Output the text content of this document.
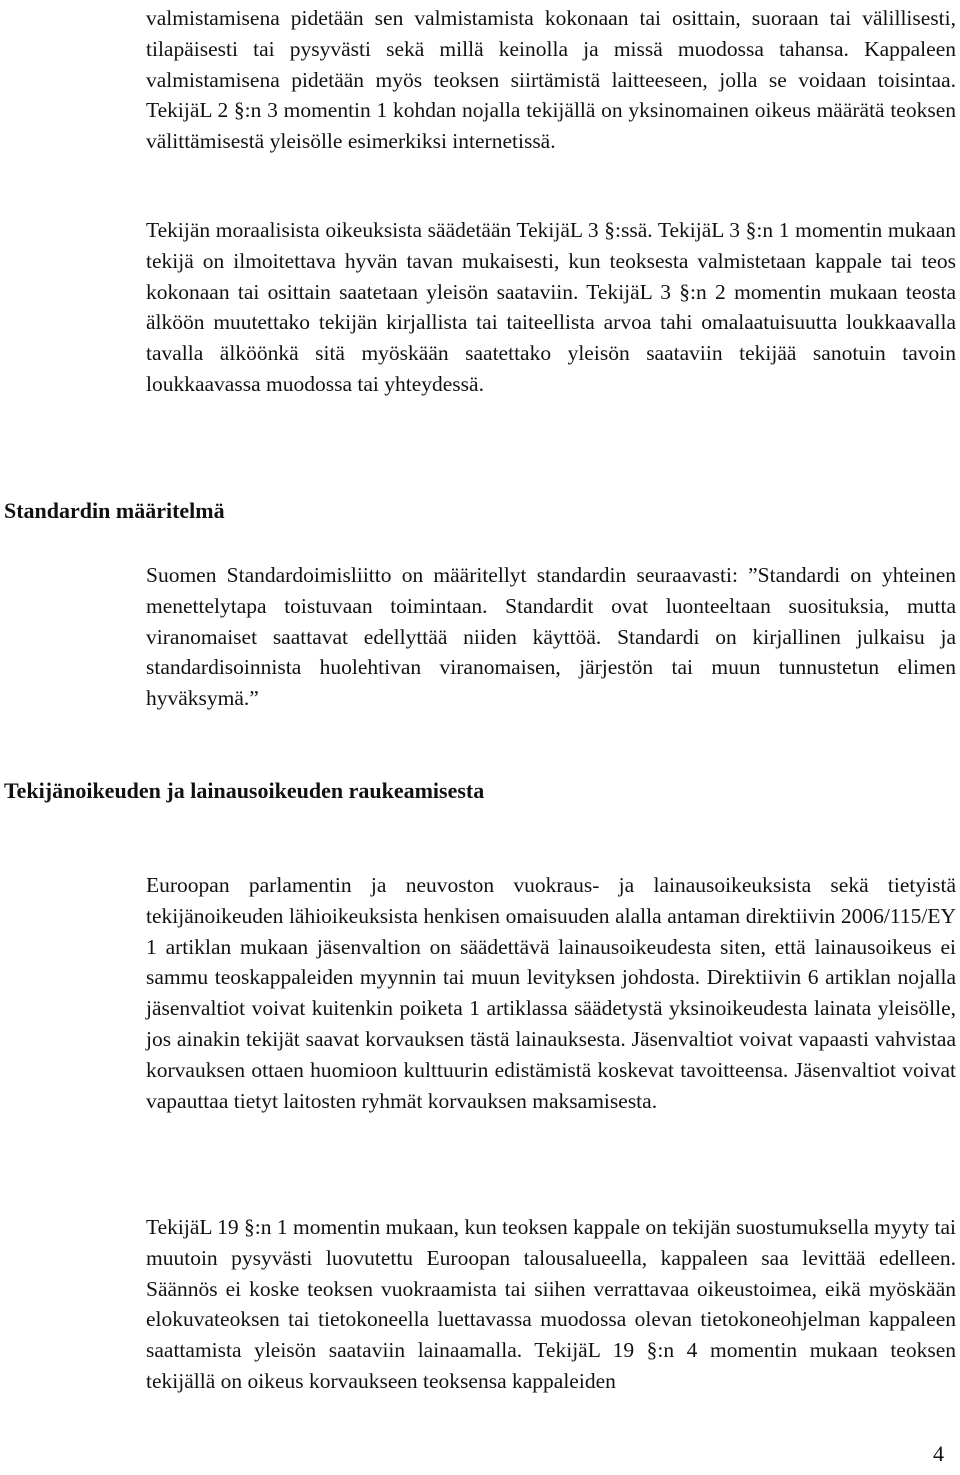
valmistamisena pidetään sen valmistamista kokonaan tai osittain, suoraan tai välillisesti, tilapäisesti tai pysyvästi sekä millä keinolla ja missä muodossa tahansa. Kappaleen valmistamisena pidetään myös teoksen siirtämistä laitteeseen, jolla se voidaan toisintaa. TekijäL 2 §:n 3 momentin 1 kohdan nojalla tekijällä on yksinomainen oikeus määrätä teoksen välittämisestä yleisölle esimerkiksi internetissä.

Tekijän moraalisista oikeuksista säädetään TekijäL 3 §:ssä. TekijäL 3 §:n 1 momentin mukaan tekijä on ilmoitettava hyvän tavan mukaisesti, kun teoksesta valmistetaan kappale tai teos kokonaan tai osittain saatetaan yleisön saataviin. TekijäL 3 §:n 2 momentin mukaan teosta älköön muutettako tekijän kirjallista tai taiteellista arvoa tahi omalaatuisuutta loukkaavalla tavalla älköönkä sitä myöskään saatettako yleisön saataviin tekijää sanotuin tavoin loukkaavassa muodossa tai yhteydessä.

Standardin määritelmä

Suomen Standardoimisliitto on määritellyt standardin seuraavasti: ”Standardi on yhteinen menettelytapa toistuvaan toimintaan. Standardit ovat luonteeltaan suosituksia, mutta viranomaiset saattavat edellyttää niiden käyttöä. Standardi on kirjallinen julkaisu ja standardisoinnista huolehtivan viranomaisen, järjestön tai muun tunnustetun elimen hyväksymä.”

Tekijänoikeuden ja lainausoikeuden raukeamisesta

Euroopan parlamentin ja neuvoston vuokraus- ja lainausoikeuksista sekä tietyistä tekijänoikeuden lähioikeuksista henkisen omaisuuden alalla antaman direktiivin 2006/115/EY 1 artiklan mukaan jäsenvaltion on säädettävä lainausoikeudesta siten, että lainausoikeus ei sammu teoskappaleiden myynnin tai muun levityksen johdosta. Direktiivin 6 artiklan nojalla jäsenvaltiot voivat kuitenkin poiketa 1 artiklassa säädetystä yksinoikeudesta lainata yleisölle, jos ainakin tekijät saavat korvauksen tästä lainauksesta. Jäsenvaltiot voivat vapaasti vahvistaa korvauksen ottaen huomioon kulttuurin edistämistä koskevat tavoitteensa. Jäsenvaltiot voivat vapauttaa tietyt laitosten ryhmät korvauksen maksamisesta.

TekijäL 19 §:n 1 momentin mukaan, kun teoksen kappale on tekijän suostumuksella myyty tai muutoin pysyvästi luovutettu Euroopan talousalueella, kappaleen saa levittää edelleen. Säännös ei koske teoksen vuokraamista tai siihen verrattavaa oikeustoimea, eikä myöskään elokuvateoksen tai tietokoneella luettavassa muodossa olevan tietokoneohjelman kappaleen saattamista yleisön saataviin lainaamalla. TekijäL 19 §:n 4 momentin mukaan teoksen tekijällä on oikeus korvaukseen teoksensa kappaleiden

4
